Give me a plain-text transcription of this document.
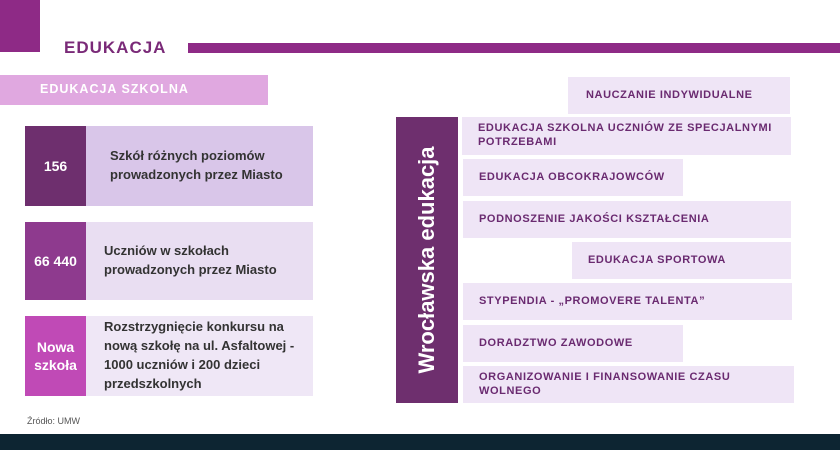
EDUKACJA
EDUKACJA SZKOLNA
156
Szkół różnych poziomów prowadzonych przez Miasto
66 440
Uczniów w szkołach prowadzonych przez Miasto
Nowa szkoła
Rozstrzygnięcie konkursu na nową szkołę na ul. Asfaltowej - 1000 uczniów i 200 dzieci przedszkolnych
Źródło: UMW
Wrocławska edukacja
NAUCZANIE INDYWIDUALNE
EDUKACJA SZKOLNA UCZNIÓW ZE SPECJALNYMI POTRZEBAMI
EDUKACJA OBCOKRAJOWCÓW
PODNOSZENIE JAKOŚCI KSZTAŁCENIA
EDUKACJA SPORTOWA
STYPENDIA - „PROMOVERE TALENTA”
DORADZTWO ZAWODOWE
ORGANIZOWANIE I FINANSOWANIE CZASU WOLNEGO
